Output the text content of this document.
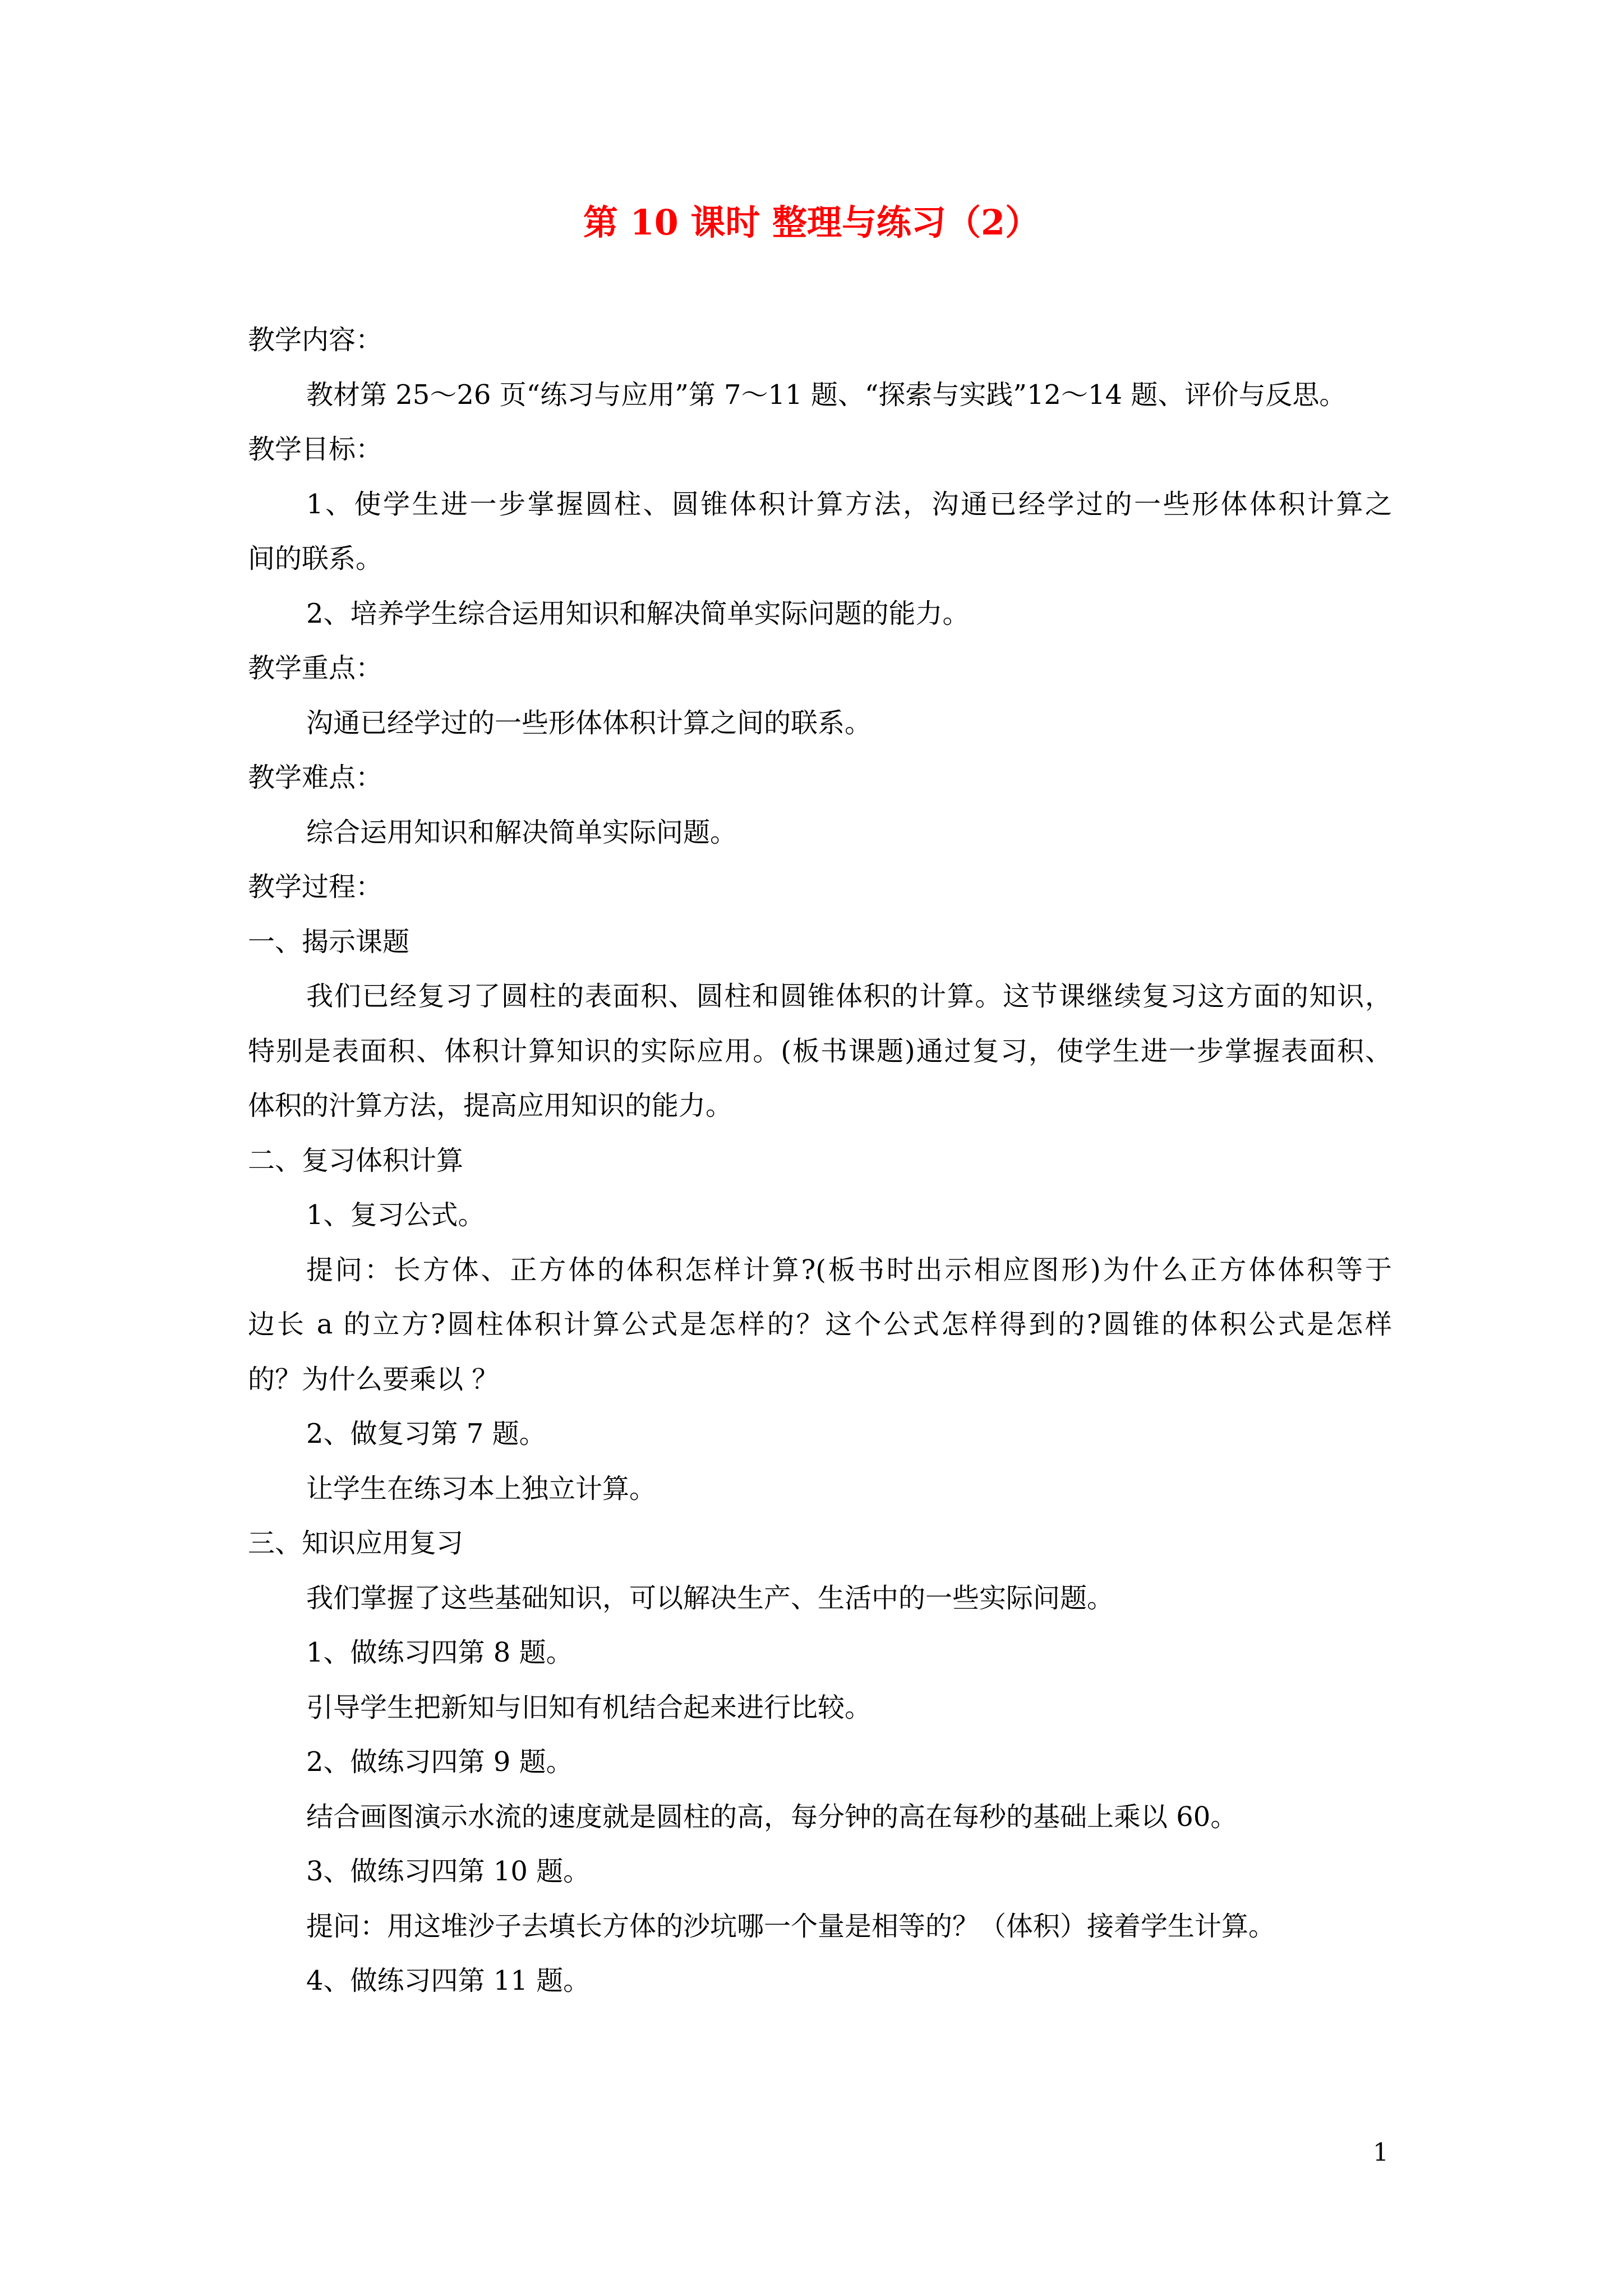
第 10 课时 整理与练习（2）
教学内容：
教材第 25～26 页“练习与应用”第 7～11 题、“探索与实践”12～14 题、评价与反思。
教学目标：
1、使学生进一步掌握圆柱、圆锥体积计算方法，沟通已经学过的一些形体体积计算之
间的联系。
2、培养学生综合运用知识和解决简单实际问题的能力。
教学重点：
沟通已经学过的一些形体体积计算之间的联系。
教学难点：
综合运用知识和解决简单实际问题。
教学过程：
一、揭示课题
我们已经复习了圆柱的表面积、圆柱和圆锥体积的计算。这节课继续复习这方面的知识，
特别是表面积、体积计算知识的实际应用。(板书课题)通过复习，使学生进一步掌握表面积、
体积的汁算方法，提高应用知识的能力。
二、复习体积计算
1、复习公式。
提问：长方体、正方体的体积怎样计算?(板书时出示相应图形)为什么正方体体积等于
边长 a 的立方?圆柱体积计算公式是怎样的？这个公式怎样得到的?圆锥的体积公式是怎样
的？为什么要乘以 ？
2、做复习第 7 题。
让学生在练习本上独立计算。
三、知识应用复习
我们掌握了这些基础知识，可以解决生产、生活中的一些实际问题。
1、做练习四第 8 题。
引导学生把新知与旧知有机结合起来进行比较。
2、做练习四第 9 题。
结合画图演示水流的速度就是圆柱的高，每分钟的高在每秒的基础上乘以 60。
3、做练习四第 10 题。
提问：用这堆沙子去填长方体的沙坑哪一个量是相等的？（体积）接着学生计算。
4、做练习四第 11 题。
1
